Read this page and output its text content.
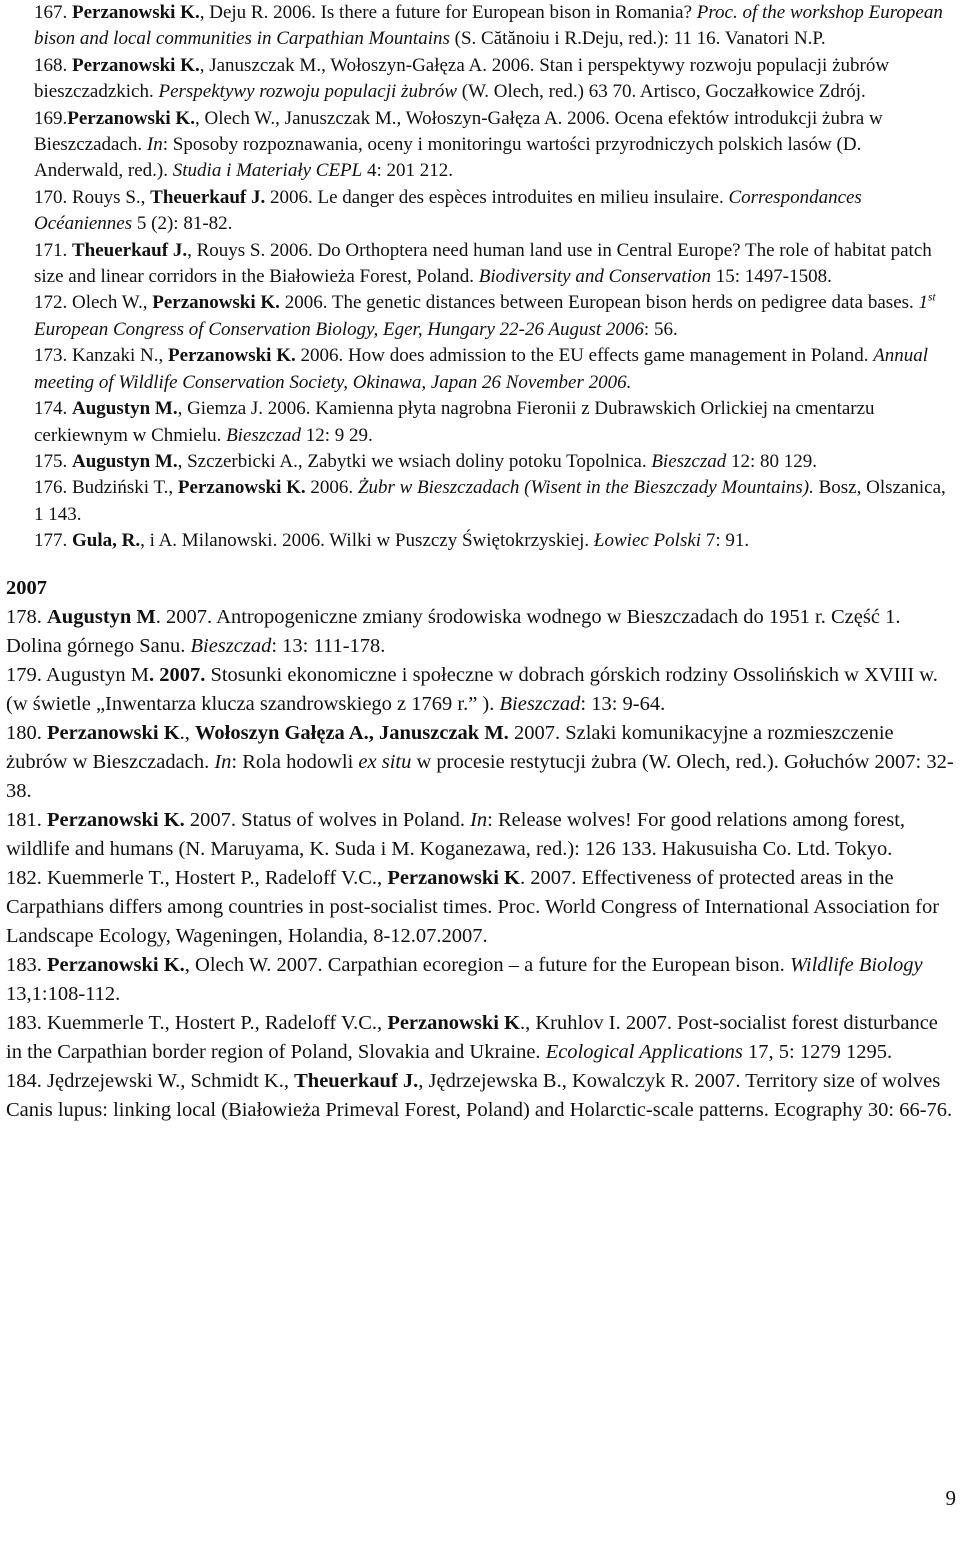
167. Perzanowski K., Deju R. 2006. Is there a future for European bison in Romania? Proc. of the workshop European bison and local communities in Carpathian Mountains (S. Cătănoiu i R.Deju, red.): 11 16. Vanatori N.P.
168. Perzanowski K., Januszczak M., Wołoszyn-Gałęza A. 2006. Stan i perspektywy rozwoju populacji żubrów bieszczadzkich. Perspektywy rozwoju populacji żubrów (W. Olech, red.) 63 70. Artisco, Goczałkowice Zdrój.
169.Perzanowski K., Olech W., Januszczak M., Wołoszyn-Gałęza A. 2006. Ocena efektów introdukcji żubra w Bieszczadach. In: Sposoby rozpoznawania, oceny i monitoringu wartości przyrodniczych polskich lasów (D. Anderwald, red.). Studia i Materiały CEPL 4: 201 212.
170. Rouys S., Theuerkauf J. 2006. Le danger des espèces introduites en milieu insulaire. Correspondances Océaniennes 5 (2): 81-82.
171. Theuerkauf J., Rouys S. 2006. Do Orthoptera need human land use in Central Europe? The role of habitat patch size and linear corridors in the Białowieża Forest, Poland. Biodiversity and Conservation 15: 1497-1508.
172. Olech W., Perzanowski K. 2006. The genetic distances between European bison herds on pedigree data bases. 1st European Congress of Conservation Biology, Eger, Hungary 22-26 August 2006: 56.
173. Kanzaki N., Perzanowski K. 2006. How does admission to the EU effects game management in Poland. Annual meeting of Wildlife Conservation Society, Okinawa, Japan 26 November 2006.
174. Augustyn M., Giemza J. 2006. Kamienna płyta nagrobna Fieronii z Dubrawskich Orlickiej na cmentarzu cerkiewnym w Chmielu. Bieszczad 12: 9 29.
175. Augustyn M., Szczerbicki A., Zabytki we wsiach doliny potoku Topolnica. Bieszczad 12: 80 129.
176. Budziński T., Perzanowski K. 2006. Żubr w Bieszczadach (Wisent in the Bieszczady Mountains). Bosz, Olszanica, 1 143.
177. Gula, R., i A. Milanowski. 2006. Wilki w Puszczy Świętokrzyskiej. Łowiec Polski 7: 91.
2007
178. Augustyn M. 2007. Antropogeniczne zmiany środowiska wodnego w Bieszczadach do 1951 r. Część 1. Dolina górnego Sanu. Bieszczad: 13: 111-178.
179. Augustyn M. 2007. Stosunki ekonomiczne i społeczne w dobrach górskich rodziny Ossolińskich w XVIII w. (w świetle „Inwentarza klucza szandrowskiego z 1769 r.” ). Bieszczad: 13: 9-64.
180. Perzanowski K., Wołoszyn Gałęza A., Januszczak M. 2007. Szlaki komunikacyjne a rozmieszczenie żubrów w Bieszczadach. In: Rola hodowli ex situ w procesie restytucji żubra (W. Olech, red.). Gołuchów 2007: 32-38.
181. Perzanowski K. 2007. Status of wolves in Poland. In: Release wolves! For good relations among forest, wildlife and humans (N. Maruyama, K. Suda i M. Koganezawa, red.): 126 133. Hakusuisha Co. Ltd. Tokyo.
182. Kuemmerle T., Hostert P., Radeloff V.C., Perzanowski K. 2007. Effectiveness of protected areas in the Carpathians differs among countries in post-socialist times. Proc. World Congress of International Association for Landscape Ecology, Wageningen, Holandia, 8-12.07.2007.
183. Perzanowski K., Olech W. 2007. Carpathian ecoregion – a future for the European bison. Wildlife Biology 13,1:108-112.
183. Kuemmerle T., Hostert P., Radeloff V.C., Perzanowski K., Kruhlov I. 2007. Post-socialist forest disturbance in the Carpathian border region of Poland, Slovakia and Ukraine. Ecological Applications 17, 5: 1279 1295.
184. Jędrzejewski W., Schmidt K., Theuerkauf J., Jędrzejewska B., Kowalczyk R. 2007. Territory size of wolves Canis lupus: linking local (Białowieża Primeval Forest, Poland) and Holarctic-scale patterns. Ecography 30: 66-76.
9
